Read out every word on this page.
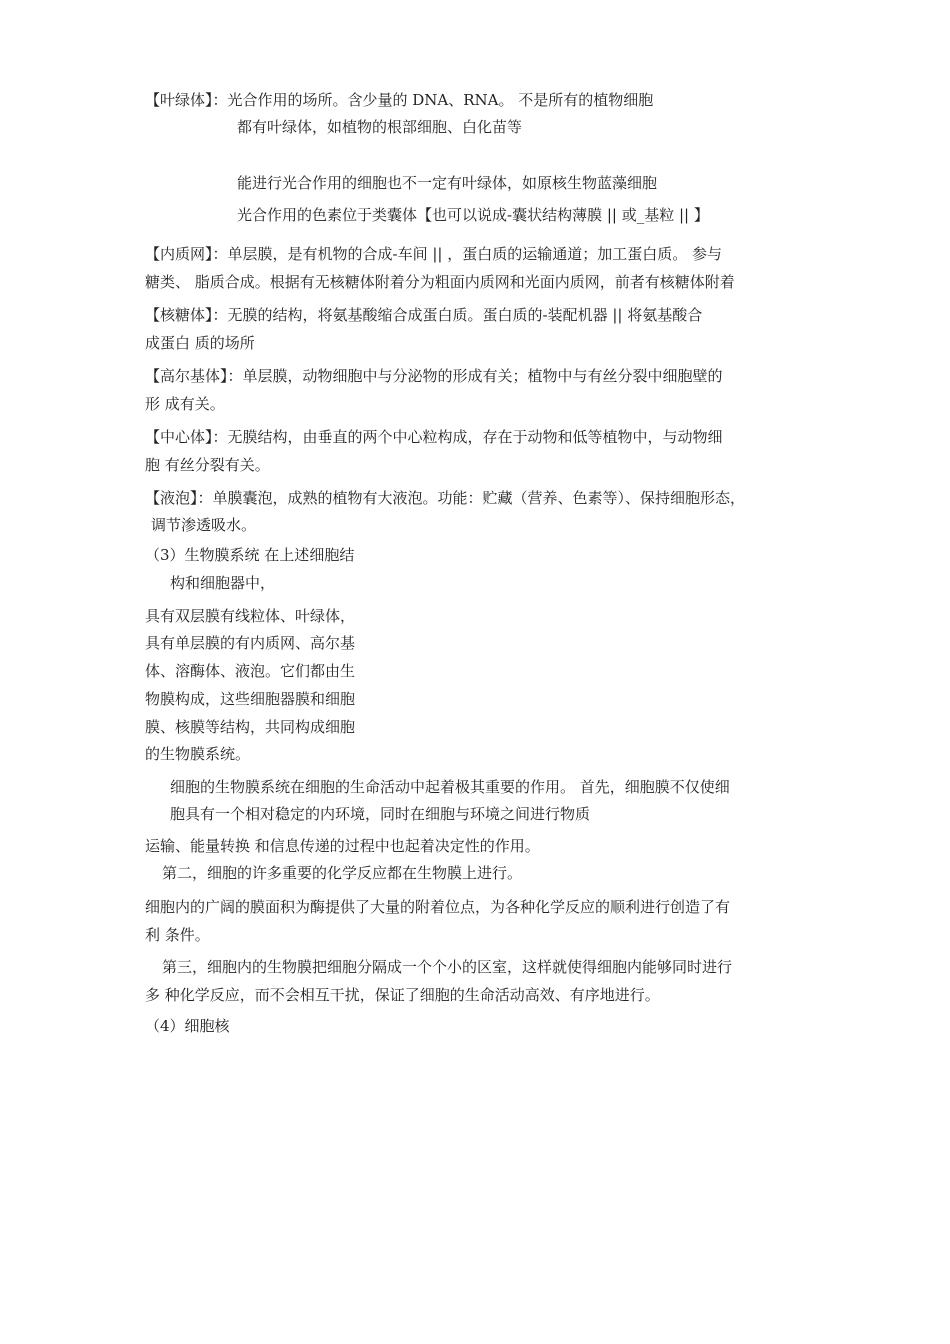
【叶绿体】：光合作用的场所。含少量的 DNA、RNA。 不是所有的植物细胞
都有叶绿体，如植物的根部细胞、白化苗等
能进行光合作用的细胞也不一定有叶绿体，如原核生物蓝藻细胞
光合作用的色素位于类囊体【也可以说成-囊状结构薄膜 || 或_基粒 || 】
【内质网】：单层膜，是有机物的合成-车间 || ，蛋白质的运输通道；加工蛋白质。 参与
糖类、 脂质合成。根据有无核糖体附着分为粗面内质网和光面内质网，前者有核糖体附着
【核糖体】：无膜的结构，将氨基酸缩合成蛋白质。蛋白质的-装配机器 || 将氨基酸合
成蛋白 质的场所
【高尔基体】：单层膜，动物细胞中与分泌物的形成有关；植物中与有丝分裂中细胞壁的
形 成有关。
【中心体】：无膜结构，由垂直的两个中心粒构成，存在于动物和低等植物中，与动物细
胞 有丝分裂有关。
【液泡】：单膜囊泡，成熟的植物有大液泡。功能：贮藏（营养、色素等）、保持细胞形态，
调节渗透吸水。
（3）生物膜系统 在上述细胞结
构和细胞器中，
具有双层膜有线粒体、叶绿体，
具有单层膜的有内质网、高尔基
体、溶酶体、液泡。它们都由生
物膜构成，这些细胞器膜和细胞
膜、核膜等结构，共同构成细胞
的生物膜系统。
细胞的生物膜系统在细胞的生命活动中起着极其重要的作用。 首先，细胞膜不仅使细
胞具有一个相对稳定的内环境，同时在细胞与环境之间进行物质
运输、能量转换 和信息传递的过程中也起着决定性的作用。
第二，细胞的许多重要的化学反应都在生物膜上进行。
细胞内的广阔的膜面积为酶提供了大量的附着位点，为各种化学反应的顺利进行创造了有
利 条件。
第三，细胞内的生物膜把细胞分隔成一个个小的区室，这样就使得细胞内能够同时进行
多 种化学反应，而不会相互干扰，保证了细胞的生命活动高效、有序地进行。
（4）细胞核
